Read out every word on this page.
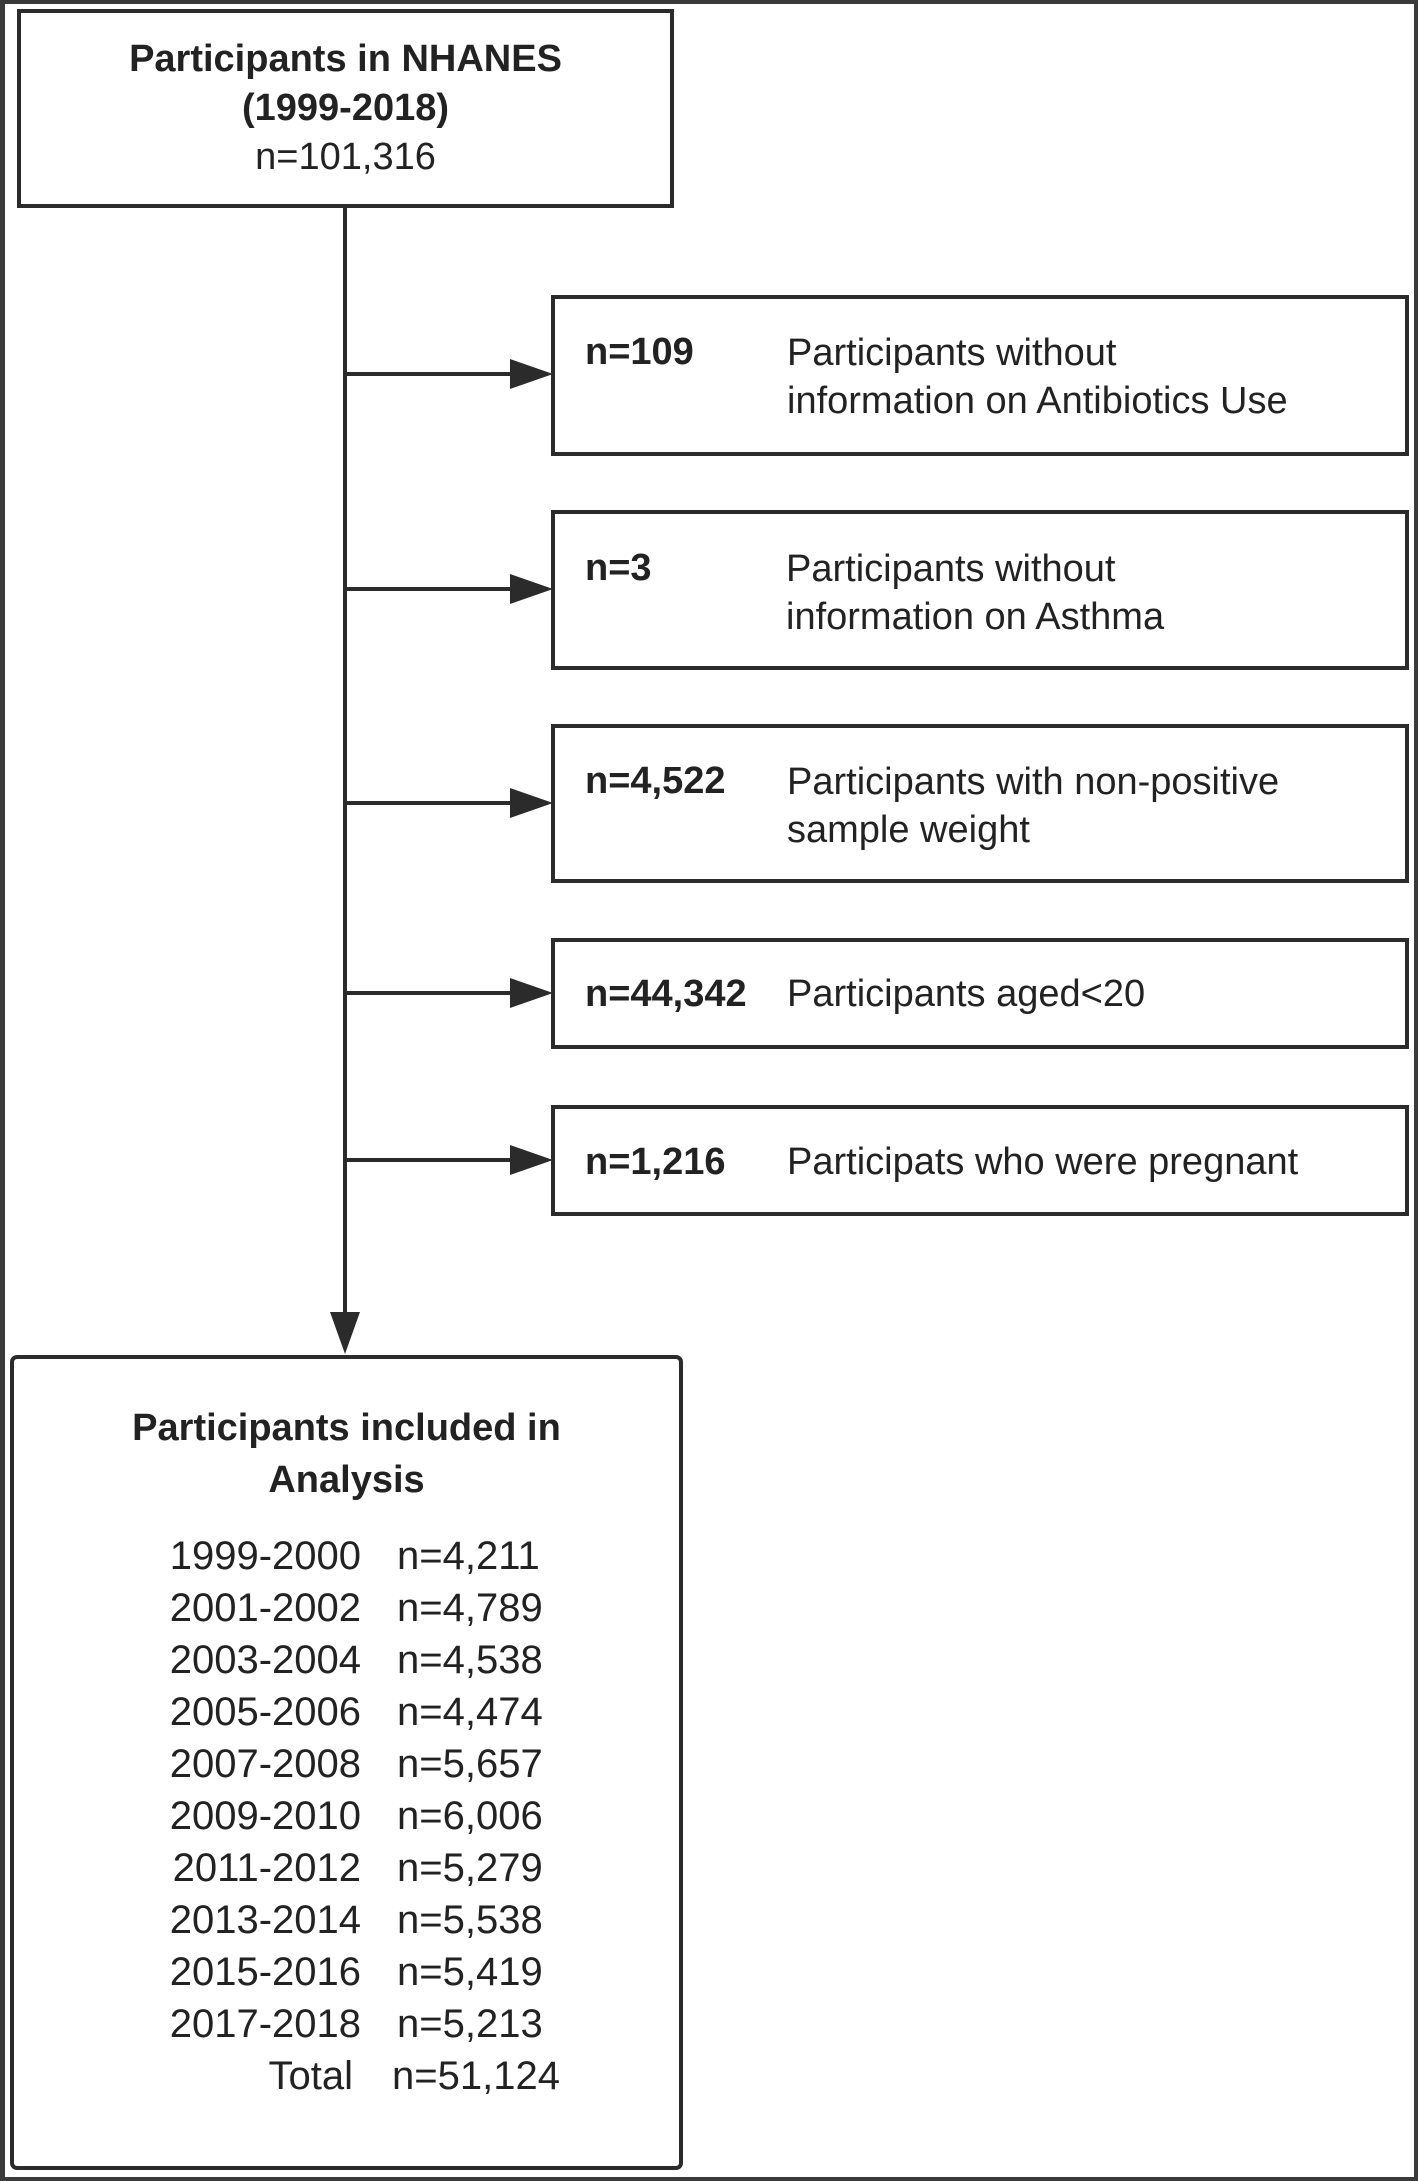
Participants in NHANES
(1999-2018)
n=101,316
n=109 Participants without
information on Antibiotics Use
n=3	Participants without
information on Asthma
n=4,522 Participants with non-positive
sample weight
n=44,342 Participants aged<20
n=1,216 Participats who were pregnant
Participants included in
Analysis
1999-2000 n=4,211
2001-2002 n=4,789
2003-2004 n=4,538
2005-2006 n=4,474
2007-2008 n=5,657
2009-2010 n=6,006
2011-2012 n=5,279
2013-2014 n=5,538
2015-2016 n=5,419
2017-2018 n=5,213
Total n=51,124
